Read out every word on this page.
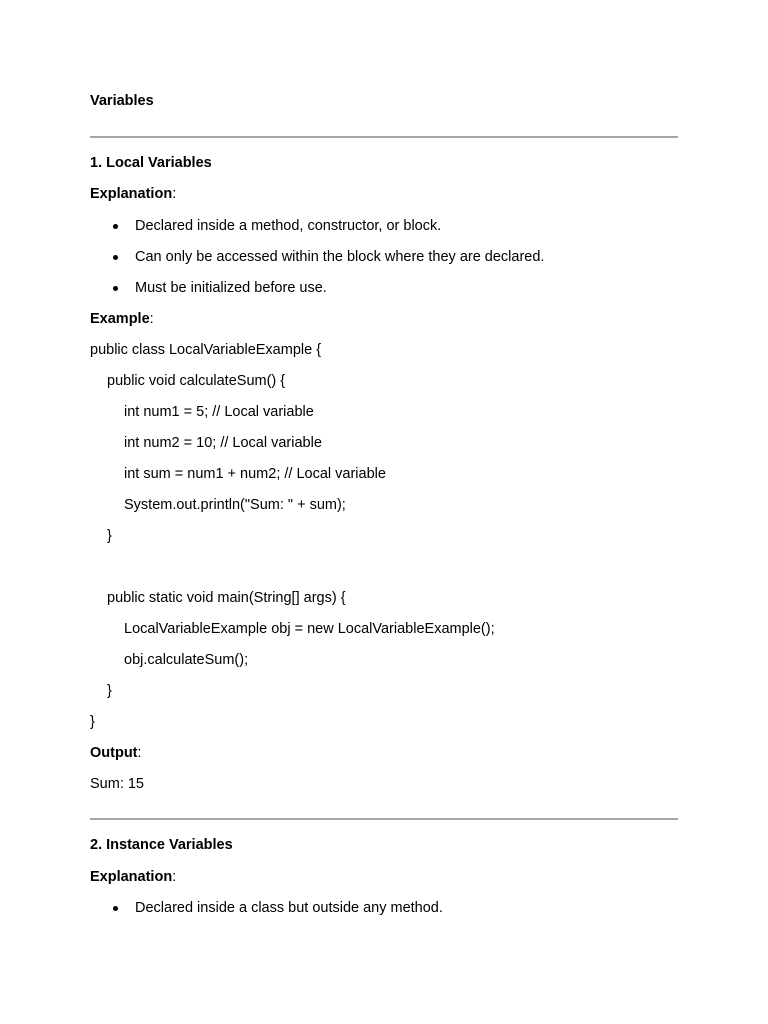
Variables
1. Local Variables
Explanation:

Declared inside a method, constructor, or block.

Can only be accessed within the block where they are declared.

Must be initialized before use.

Example:
public class LocalVariableExample {
public void calculateSum() {
int num1 = 5; // Local variable
int num2 = 10; // Local variable
int sum = num1 + num2; // Local variable
System.out.println("Sum: " + sum);
}
public static void main(String[] args) {
LocalVariableExample obj = new LocalVariableExample();
obj.calculateSum();
}
}
Output:
Sum: 15
2. Instance Variables
Explanation:

Declared inside a class but outside any method.
